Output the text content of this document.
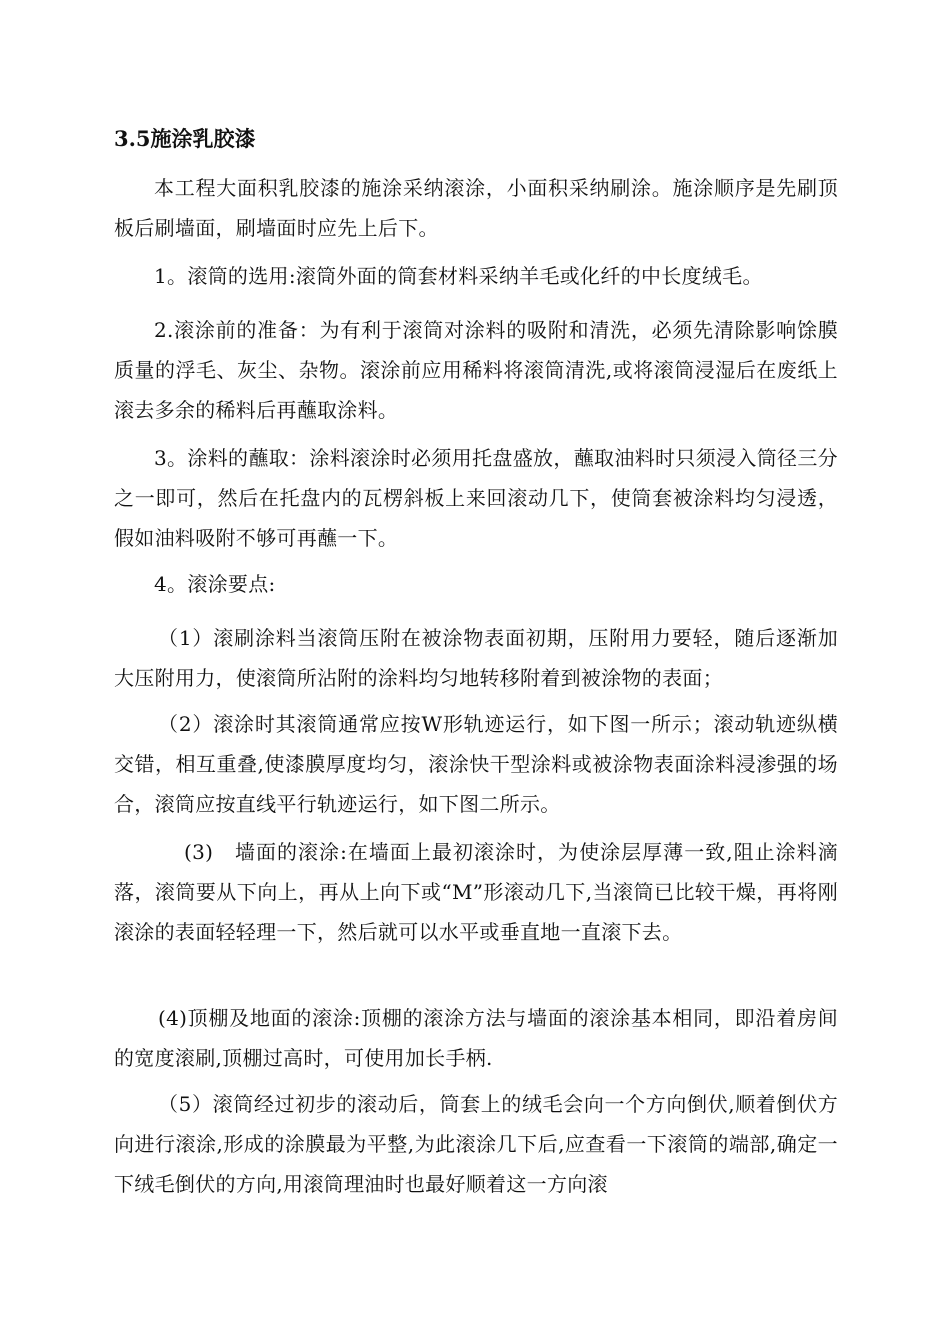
3.5施涂乳胶漆

本工程大面积乳胶漆的施涂采纳滚涂，小面积采纳刷涂。施涂顺序是先刷顶板后刷墙面，刷墙面时应先上后下。

1。滚筒的选用:滚筒外面的筒套材料采纳羊毛或化纤的中长度绒毛。

2.滚涂前的准备：为有利于滚筒对涂料的吸附和清洗，必须先清除影响馀膜质量的浮毛、灰尘、杂物。滚涂前应用稀料将滚筒清洗,或将滚筒浸湿后在废纸上滚去多余的稀料后再蘸取涂料。

3。涂料的蘸取：涂料滚涂时必须用托盘盛放，蘸取油料时只须浸入筒径三分之一即可，然后在托盘内的瓦楞斜板上来回滚动几下，使筒套被涂料均匀浸透，假如油料吸附不够可再蘸一下。

4。滚涂要点:

（1）滚刷涂料当滚筒压附在被涂物表面初期，压附用力要轻，随后逐渐加大压附用力，使滚筒所沾附的涂料均匀地转移附着到被涂物的表面；

（2）滚涂时其滚筒通常应按W形轨迹运行，如下图一所示；滚动轨迹纵横交错，相互重叠,使漆膜厚度均匀，滚涂快干型涂料或被涂物表面涂料浸渗强的场合，滚筒应按直线平行轨迹运行，如下图二所示。

(3)　墙面的滚涂:在墙面上最初滚涂时，为使涂层厚薄一致,阻止涂料滴落，滚筒要从下向上，再从上向下或“M”形滚动几下,当滚筒已比较干燥，再将刚滚涂的表面轻轻理一下，然后就可以水平或垂直地一直滚下去。

(4)顶棚及地面的滚涂:顶棚的滚涂方法与墙面的滚涂基本相同，即沿着房间的宽度滚刷,顶棚过高时，可使用加长手柄.

（5）滚筒经过初步的滚动后，筒套上的绒毛会向一个方向倒伏,顺着倒伏方向进行滚涂,形成的涂膜最为平整,为此滚涂几下后,应查看一下滚筒的端部,确定一下绒毛倒伏的方向,用滚筒理油时也最好顺着这一方向滚
